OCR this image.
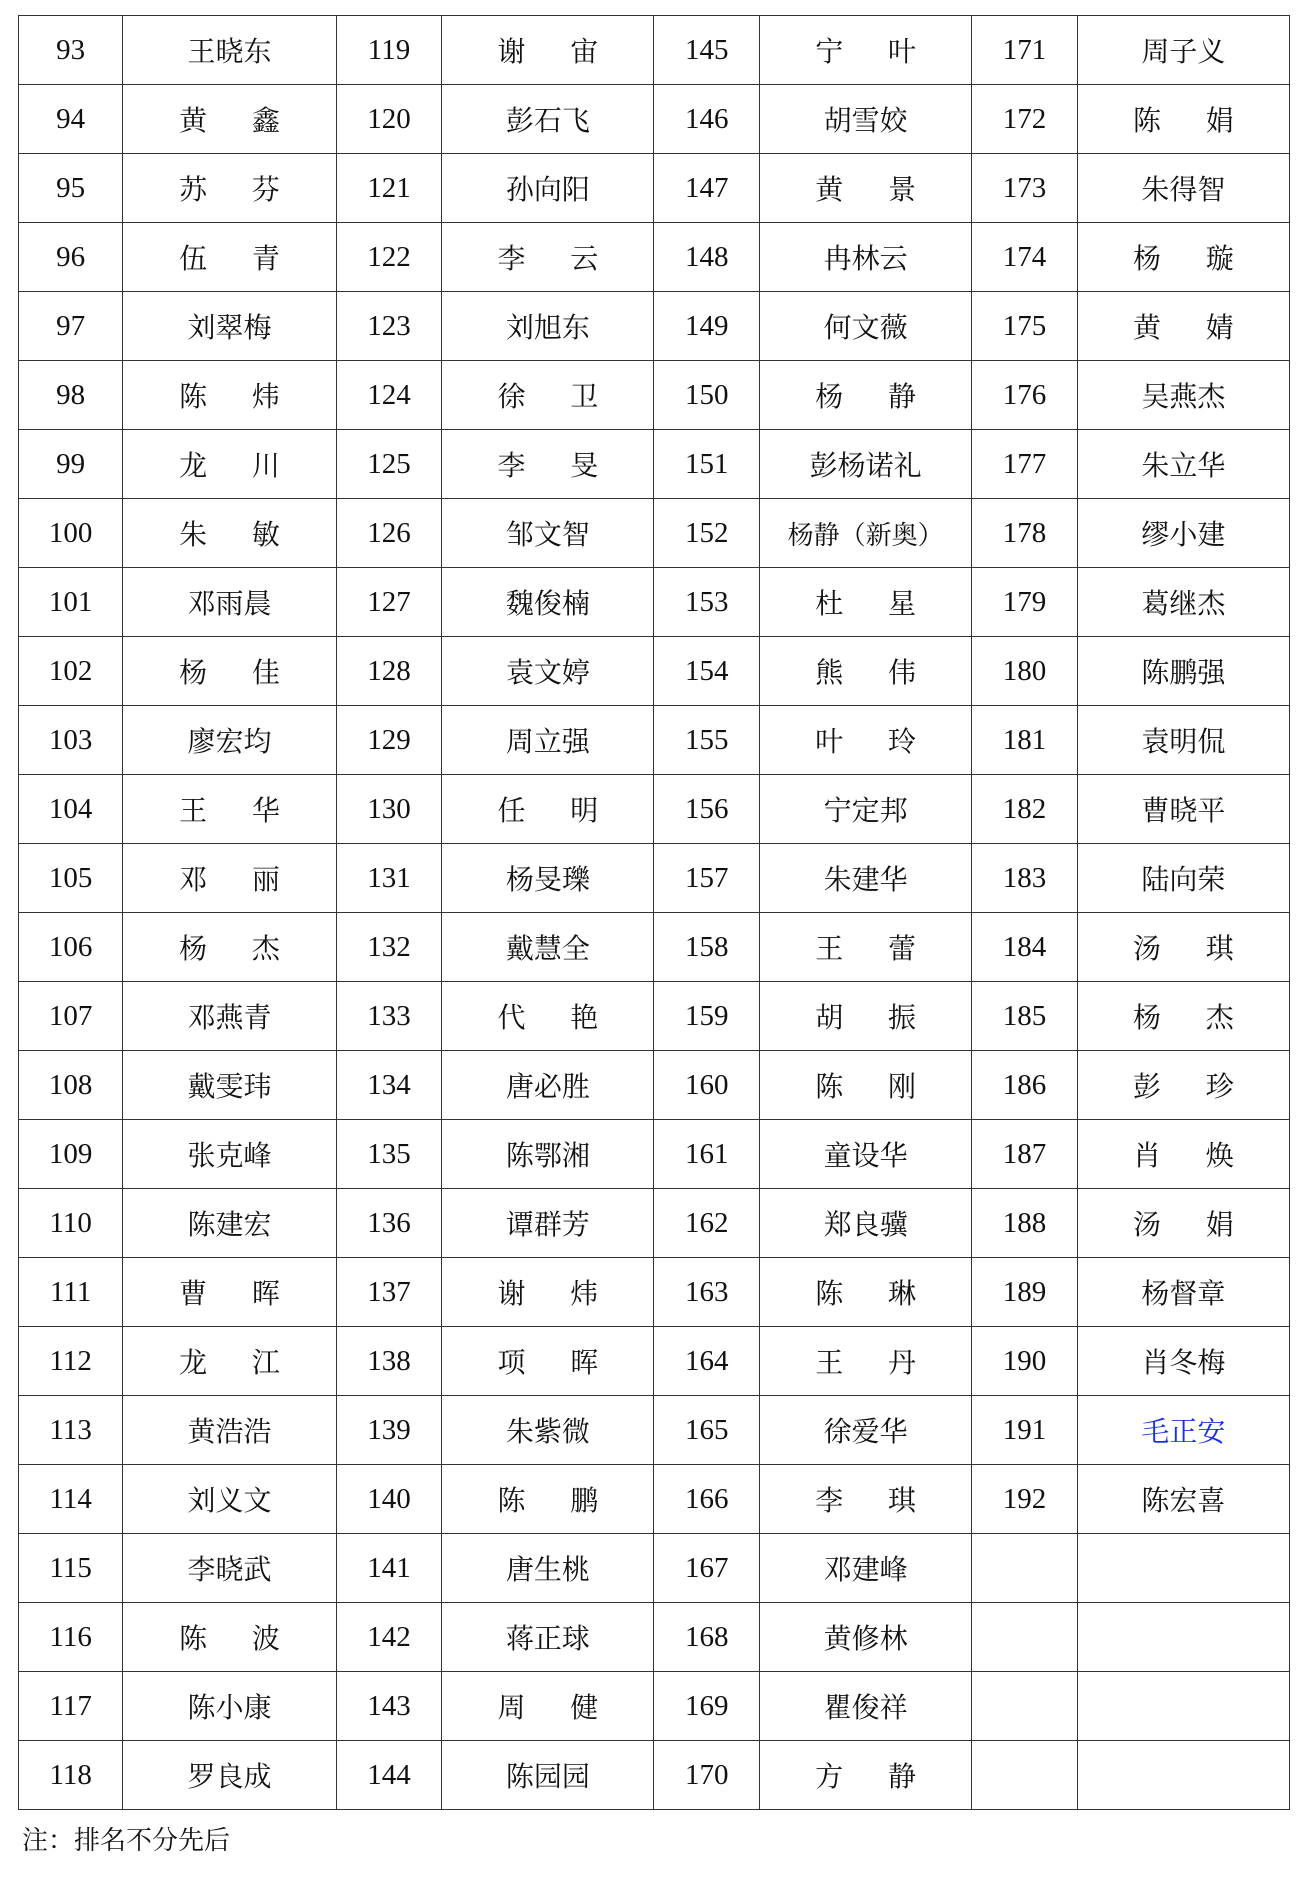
93	王晓东	119	谢宙	145	宁叶	171	周子义
94	黄鑫	120	彭石飞	146	胡雪姣	172	陈娟
95	苏芬	121	孙向阳	147	黄景	173	朱得智
96	伍青	122	李云	148	冉林云	174	杨璇
97	刘翠梅	123	刘旭东	149	何文薇	175	黄婧
98	陈炜	124	徐卫	150	杨静	176	吴燕杰
99	龙川	125	李旻	151	彭杨诺礼	177	朱立华
100	朱敏	126	邹文智	152	杨静（新奥）	178	缪小建
101	邓雨晨	127	魏俊楠	153	杜星	179	葛继杰
102	杨佳	128	袁文婷	154	熊伟	180	陈鹏强
103	廖宏均	129	周立强	155	叶玲	181	袁明侃
104	王华	130	任明	156	宁定邦	182	曹晓平
105	邓丽	131	杨旻瓅	157	朱建华	183	陆向荣
106	杨杰	132	戴慧全	158	王蕾	184	汤琪
107	邓燕青	133	代艳	159	胡振	185	杨杰
108	戴雯玮	134	唐必胜	160	陈刚	186	彭珍
109	张克峰	135	陈鄂湘	161	童设华	187	肖焕
110	陈建宏	136	谭群芳	162	郑良骥	188	汤娟
111	曹晖	137	谢炜	163	陈琳	189	杨督章
112	龙江	138	项晖	164	王丹	190	肖冬梅
113	黄浩浩	139	朱紫微	165	徐爱华	191	毛正安
114	刘义文	140	陈鹏	166	李琪	192	陈宏喜
115	李晓武	141	唐生桃	167	邓建峰		
116	陈波	142	蒋正球	168	黄修林		
117	陈小康	143	周健	169	瞿俊祥		
118	罗良成	144	陈园园	170	方静		
注：排名不分先后
